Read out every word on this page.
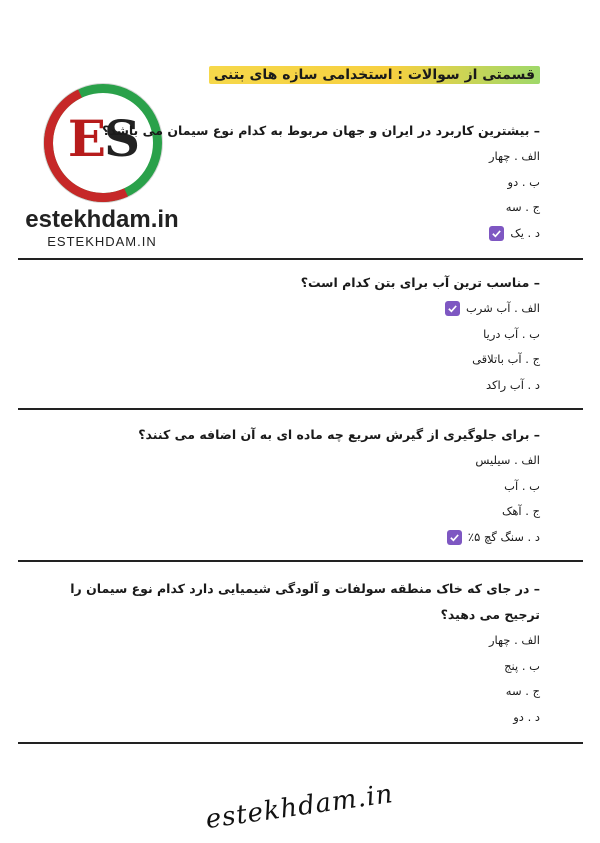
قسمتی از سوالات : استخدامی سازه های بتنی
ES
estekhdam.in
ESTEKHDAM.IN
– بیشترین کاربرد در ایران و جهان مربوط به کدام نوع سیمان می باشد؟
الف . چهار
ب . دو
ج . سه
د . یک
– مناسب ترین آب برای بتن کدام است؟
الف . آب شرب
ب . آب دریا
ج . آب باتلاقی
د . آب راکد
– برای جلوگیری از گیرش سریع چه ماده ای به آن اضافه می کنند؟
الف . سیلیس
ب . آب
ج . آهک
د . سنگ گچ ۵٪
– در جای که خاک منطقه سولفات و آلودگی شیمیایی دارد کدام نوع سیمان را ترجیح می دهید؟
الف . چهار
ب . پنج
ج . سه
د . دو
estekhdam.in
